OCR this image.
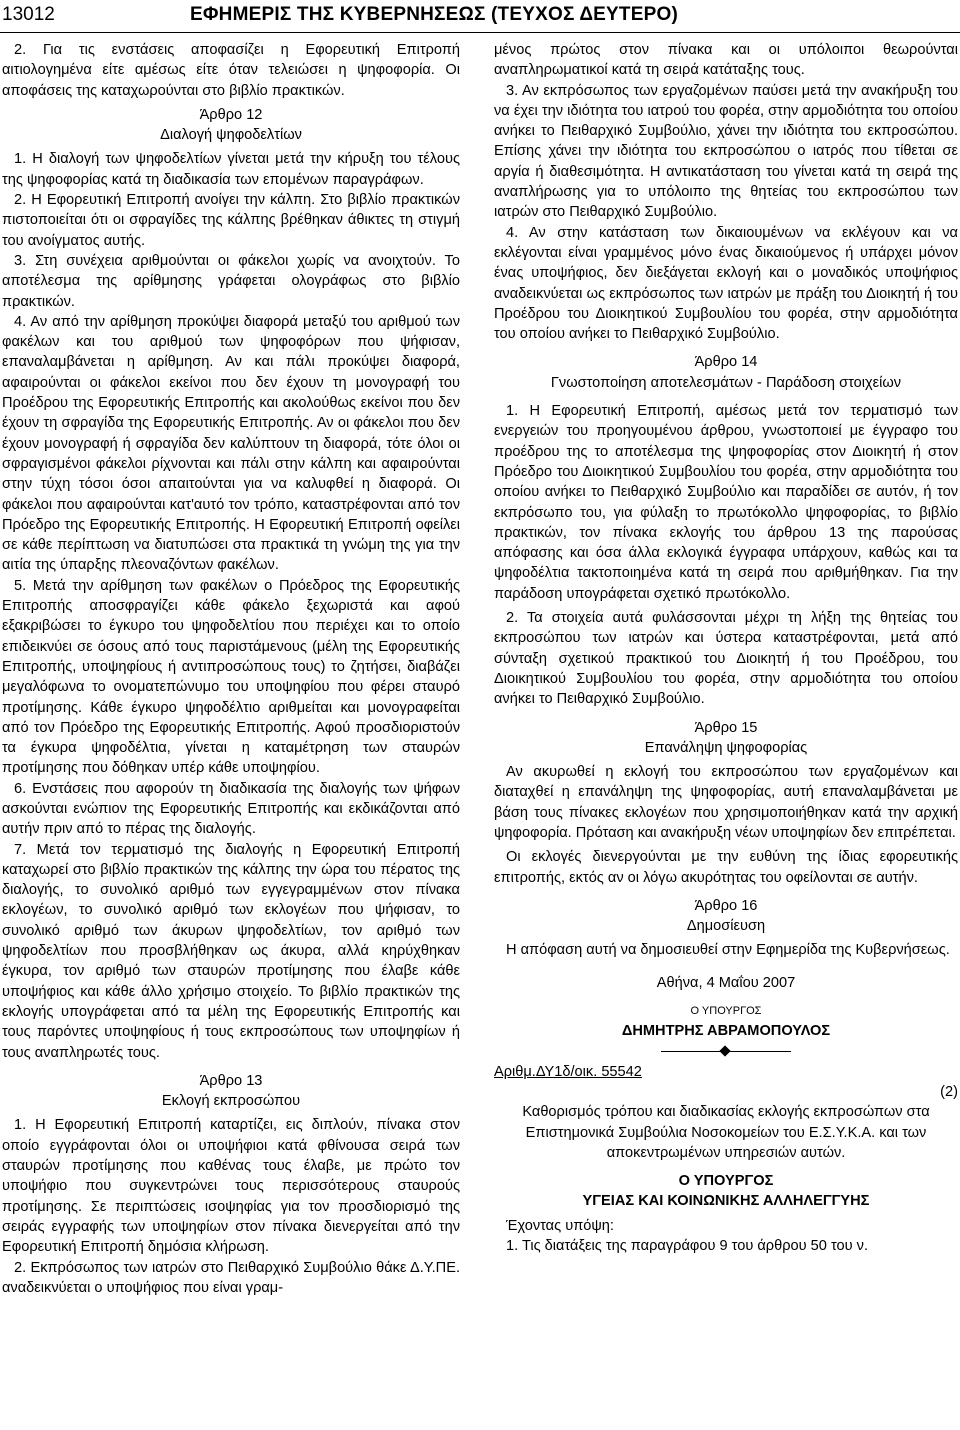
13012	ΕΦΗΜΕΡΙΣ ΤΗΣ ΚΥΒΕΡΝΗΣΕΩΣ (ΤΕΥΧΟΣ ΔΕΥΤΕΡΟ)

2. Για τις ενστάσεις αποφασίζει η Εφορευτική Επιτροπή αιτιολογημένα είτε αμέσως είτε όταν τελειώσει η ψηφοφορία. Οι αποφάσεις της καταχωρούνται στο βιβλίο πρακτικών.

Άρθρο 12

Διαλογή ψηφοδελτίων

1. Η διαλογή των ψηφοδελτίων γίνεται μετά την κήρυξη του τέλους της ψηφοφορίας κατά τη διαδικασία των επομένων παραγράφων.

2. Η Εφορευτική Επιτροπή ανοίγει την κάλπη. Στο βιβλίο πρακτικών πιστοποιείται ότι οι σφραγίδες της κάλπης βρέθηκαν άθικτες τη στιγμή του ανοίγματος αυτής.

3. Στη συνέχεια αριθμούνται οι φάκελοι χωρίς να ανοιχτούν. Το αποτέλεσμα της αρίθμησης γράφεται ολογράφως στο βιβλίο πρακτικών.

4. Αν από την αρίθμηση προκύψει διαφορά μεταξύ του αριθμού των φακέλων και του αριθμού των ψηφοφόρων που ψήφισαν, επαναλαμβάνεται η αρίθμηση. Αν και πάλι προκύψει διαφορά, αφαιρούνται οι φάκελοι εκείνοι που δεν έχουν τη μονογραφή του Προέδρου της Εφορευτικής Επιτροπής και ακολούθως εκείνοι που δεν έχουν τη σφραγίδα της Εφορευτικής Επιτροπής. Αν οι φάκελοι που δεν έχουν μονογραφή ή σφραγίδα δεν καλύπτουν τη διαφορά, τότε όλοι οι σφραγισμένοι φάκελοι ρίχνονται και πάλι στην κάλπη και αφαιρούνται στην τύχη τόσοι όσοι απαιτούνται για να καλυφθεί η διαφορά. Οι φάκελοι που αφαιρούνται κατ'αυτό τον τρόπο, καταστρέφονται από τον Πρόεδρο της Εφορευτικής Επιτροπής. Η Εφορευτική Επιτροπή οφείλει σε κάθε περίπτωση να διατυπώσει στα πρακτικά τη γνώμη της για την αιτία της ύπαρξης πλεοναζόντων φακέλων.

5. Μετά την αρίθμηση των φακέλων ο Πρόεδρος της Εφορευτικής Επιτροπής αποσφραγίζει κάθε φάκελο ξεχωριστά και αφού εξακριβώσει το έγκυρο του ψηφοδελτίου που περιέχει και το οποίο επιδεικνύει σε όσους από τους παριστάμενους (μέλη της Εφορευτικής Επιτροπής, υποψηφίους ή αντιπροσώπους τους) το ζητήσει, διαβάζει μεγαλόφωνα το ονοματεπώνυμο του υποψηφίου που φέρει σταυρό προτίμησης. Κάθε έγκυρο ψηφοδέλτιο αριθμείται και μονογραφείται από τον Πρόεδρο της Εφορευτικής Επιτροπής. Αφού προσδιοριστούν τα έγκυρα ψηφοδέλτια, γίνεται η καταμέτρηση των σταυρών προτίμησης που δόθηκαν υπέρ κάθε υποψηφίου.

6. Ενστάσεις που αφορούν τη διαδικασία της διαλογής των ψήφων ασκούνται ενώπιον της Εφορευτικής Επιτροπής και εκδικάζονται από αυτήν πριν από το πέρας της διαλογής.

7. Μετά τον τερματισμό της διαλογής η Εφορευτική Επιτροπή καταχωρεί στο βιβλίο πρακτικών της κάλπης την ώρα του πέρατος της διαλογής, το συνολικό αριθμό των εγγεγραμμένων στον πίνακα εκλογέων, το συνολικό αριθμό των εκλογέων που ψήφισαν, το συνολικό αριθμό των άκυρων ψηφοδελτίων, τον αριθμό των ψηφοδελτίων που προσβλήθηκαν ως άκυρα, αλλά κηρύχθηκαν έγκυρα, τον αριθμό των σταυρών προτίμησης που έλαβε κάθε υποψήφιος και κάθε άλλο χρήσιμο στοιχείο. Το βιβλίο πρακτικών της εκλογής υπογράφεται από τα μέλη της Εφορευτικής Επιτροπής και τους παρόντες υποψηφίους ή τους εκπροσώπους των υποψηφίων ή τους αναπληρωτές τους.

Άρθρο 13

Εκλογή εκπροσώπου

1. Η Εφορευτική Επιτροπή καταρτίζει, εις διπλούν, πίνακα στον οποίο εγγράφονται όλοι οι υποψήφιοι κατά φθίνουσα σειρά των σταυρών προτίμησης που καθένας τους έλαβε, με πρώτο τον υποψήφιο που συγκεντρώνει τους περισσότερους σταυρούς προτίμησης. Σε περιπτώσεις ισοψηφίας για τον προσδιορισμό της σειράς εγγραφής των υποψηφίων στον πίνακα διενεργείται από την Εφορευτική Επιτροπή δημόσια κλήρωση.

2. Εκπρόσωπος των ιατρών στο Πειθαρχικό Συμβούλιο θάκε Δ.Υ.ΠΕ. αναδεικνύεται ο υποψήφιος που είναι γραμ-

μένος πρώτος στον πίνακα και οι υπόλοιποι θεωρούνται αναπληρωματικοί κατά τη σειρά κατάταξης τους.

3. Αν εκπρόσωπος των εργαζομένων παύσει μετά την ανακήρυξη του να έχει την ιδιότητα του ιατρού του φορέα, στην αρμοδιότητα του οποίου ανήκει το Πειθαρχικό Συμβούλιο, χάνει την ιδιότητα του εκπροσώπου. Επίσης χάνει την ιδιότητα του εκπροσώπου ο ιατρός που τίθεται σε αργία ή διαθεσιμότητα. Η αντικατάσταση του γίνεται κατά τη σειρά της αναπλήρωσης για το υπόλοιπο της θητείας του εκπροσώπου των ιατρών στο Πειθαρχικό Συμβούλιο.

4. Αν στην κατάσταση των δικαιουμένων να εκλέγουν και να εκλέγονται είναι γραμμένος μόνο ένας δικαιούμενος ή υπάρχει μόνον ένας υποψήφιος, δεν διεξάγεται εκλογή και ο μοναδικός υποψήφιος αναδεικνύεται ως εκπρόσωπος των ιατρών με πράξη του Διοικητή ή του Προέδρου του Διοικητικού Συμβουλίου του φορέα, στην αρμοδιότητα του οποίου ανήκει το Πειθαρχικό Συμβούλιο.

Άρθρο 14

Γνωστοποίηση αποτελεσμάτων - Παράδοση στοιχείων

1. Η Εφορευτική Επιτροπή, αμέσως μετά τον τερματισμό των ενεργειών του προηγουμένου άρθρου, γνωστοποιεί με έγγραφο του προέδρου της το αποτέλεσμα της ψηφοφορίας στον Διοικητή ή στον Πρόεδρο του Διοικητικού Συμβουλίου του φορέα, στην αρμοδιότητα του οποίου ανήκει το Πειθαρχικό Συμβούλιο και παραδίδει σε αυτόν, ή τον εκπρόσωπο του, για φύλαξη το πρωτόκολλο ψηφοφορίας, το βιβλίο πρακτικών, τον πίνακα εκλογής του άρθρου 13 της παρούσας απόφασης και όσα άλλα εκλογικά έγγραφα υπάρχουν, καθώς και τα ψηφοδέλτια τακτοποιημένα κατά τη σειρά που αριθμήθηκαν. Για την παράδοση υπογράφεται σχετικό πρωτόκολλο.

2. Τα στοιχεία αυτά φυλάσσονται μέχρι τη λήξη της θητείας του εκπροσώπου των ιατρών και ύστερα καταστρέφονται, μετά από σύνταξη σχετικού πρακτικού του Διοικητή ή του Προέδρου, του Διοικητικού Συμβουλίου του φορέα, στην αρμοδιότητα του οποίου ανήκει το Πειθαρχικό Συμβούλιο.

Άρθρο 15

Επανάληψη ψηφοφορίας

Αν ακυρωθεί η εκλογή του εκπροσώπου των εργαζομένων και διαταχθεί η επανάληψη της ψηφοφορίας, αυτή επαναλαμβάνεται με βάση τους πίνακες εκλογέων που χρησιμοποιήθηκαν κατά την αρχική ψηφοφορία. Πρόταση και ανακήρυξη νέων υποψηφίων δεν επιτρέπεται.

Οι εκλογές διενεργούνται με την ευθύνη της ίδιας εφορευτικής επιτροπής, εκτός αν οι λόγω ακυρότητας του οφείλονται σε αυτήν.

Άρθρο 16

Δημοσίευση

Η απόφαση αυτή να δημοσιευθεί στην Εφημερίδα της Κυβερνήσεως.

Αθήνα, 4 Μαΐου 2007

Ο ΥΠΟΥΡΓΟΣ

ΔΗΜΗΤΡΗΣ ΑΒΡΑΜΟΠΟΥΛΟΣ

Αριθμ.ΔΥ1δ/οικ. 55542
(2)

Καθορισμός τρόπου και διαδικασίας εκλογής εκπροσώπων στα Επιστημονικά Συμβούλια Νοσοκομείων του Ε.Σ.Υ.Κ.Α. και των αποκεντρωμένων υπηρεσιών αυτών.

Ο ΥΠΟΥΡΓΟΣ

ΥΓΕΙΑΣ ΚΑΙ ΚΟΙΝΩΝΙΚΗΣ ΑΛΛΗΛΕΓΓΥΗΣ

Έχοντας υπόψη:

1. Τις διατάξεις της παραγράφου 9 του άρθρου 50 του ν.
